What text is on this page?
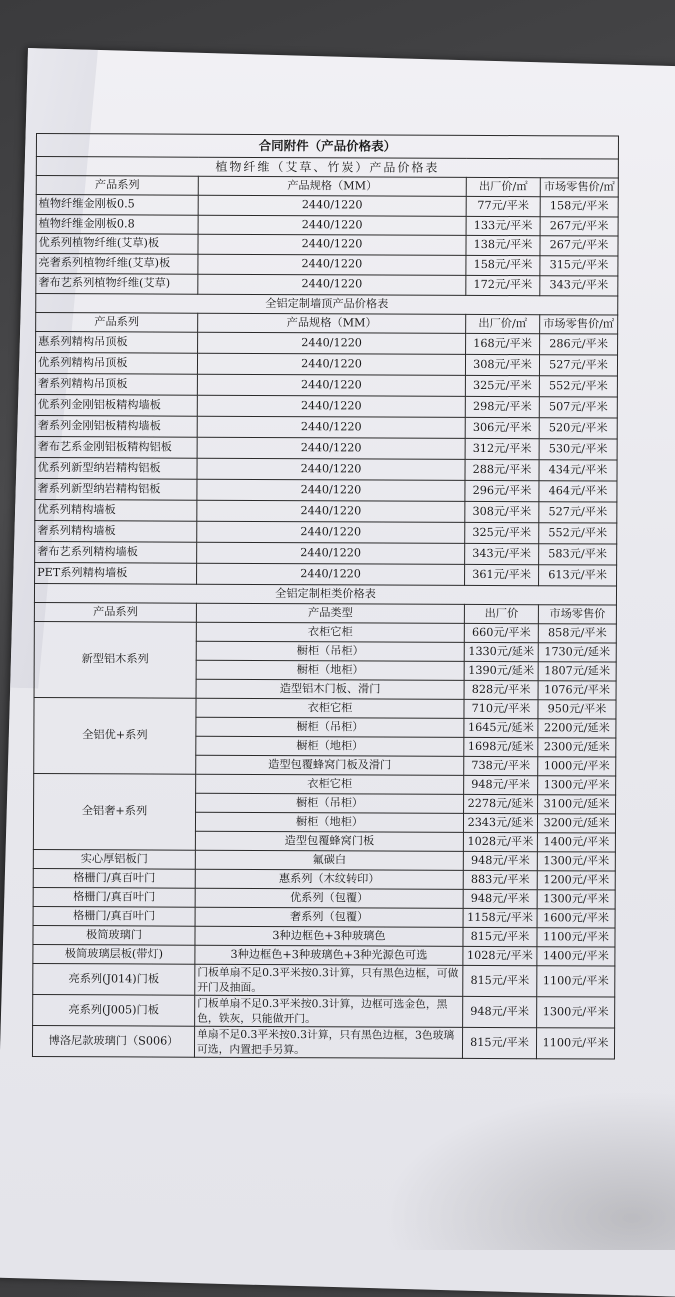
合同附件（产品价格表）			
植物纤维（艾草、竹炭）产品价格表			
产品系列	产品规格（MM）	出厂价/㎡	市场零售价/㎡
植物纤维金刚板0.5	2440/1220	77元/平米	158元/平米
植物纤维金刚板0.8	2440/1220	133元/平米	267元/平米
优系列植物纤维(艾草)板	2440/1220	138元/平米	267元/平米
亮奢系列植物纤维(艾草)板	2440/1220	158元/平米	315元/平米
奢布艺系列植物纤维(艾草)	2440/1220	172元/平米	343元/平米
全铝定制墙顶产品价格表			
产品系列	产品规格（MM）	出厂价/㎡	市场零售价/㎡
惠系列精构吊顶板	2440/1220	168元/平米	286元/平米
优系列精构吊顶板	2440/1220	308元/平米	527元/平米
奢系列精构吊顶板	2440/1220	325元/平米	552元/平米
优系列金刚铝板精构墙板	2440/1220	298元/平米	507元/平米
奢系列金刚铝板精构墙板	2440/1220	306元/平米	520元/平米
奢布艺系金刚铝板精构铝板	2440/1220	312元/平米	530元/平米
优系列新型纳岩精构铝板	2440/1220	288元/平米	434元/平米
奢系列新型纳岩精构铝板	2440/1220	296元/平米	464元/平米
优系列精构墙板	2440/1220	308元/平米	527元/平米
奢系列精构墙板	2440/1220	325元/平米	552元/平米
奢布艺系列精构墙板	2440/1220	343元/平米	583元/平米
PET系列精构墙板	2440/1220	361元/平米	613元/平米
全铝定制柜类价格表			
产品系列	产品类型	出厂价	市场零售价
新型铝木系列	衣柜它柜	660元/平米	858元/平米
	橱柜（吊柜）	1330元/延米	1730元/延米
	橱柜（地柜）	1390元/延米	1807元/延米
	造型铝木门板、滑门	828元/平米	1076元/平米
全铝优+系列	衣柜它柜	710元/平米	950元/平米
	橱柜（吊柜）	1645元/延米	2200元/延米
	橱柜（地柜）	1698元/延米	2300元/延米
	造型包覆蜂窝门板及滑门	738元/平米	1000元/平米
全铝奢+系列	衣柜它柜	948元/平米	1300元/平米
	橱柜（吊柜）	2278元/延米	3100元/延米
	橱柜（地柜）	2343元/延米	3200元/延米
	造型包覆蜂窝门板	1028元/平米	1400元/平米
实心厚铝板门	氟碳白	948元/平米	1300元/平米
格栅门/真百叶门	惠系列（木纹转印）	883元/平米	1200元/平米
格栅门/真百叶门	优系列（包覆）	948元/平米	1300元/平米
格栅门/真百叶门	奢系列（包覆）	1158元/平米	1600元/平米
极简玻璃门	3种边框色+3种玻璃色	815元/平米	1100元/平米
极简玻璃层板(带灯)	3种边框色+3种玻璃色+3种光源色可选	1028元/平米	1400元/平米
亮系列(J014)门板	门板单扇不足0.3平米按0.3计算，只有黑色边框，可做开门及抽面。	815元/平米	1100元/平米
亮系列(J005)门板	门板单扇不足0.3平米按0.3计算，边框可选金色，黑色，铁灰，只能做开门。	948元/平米	1300元/平米
博洛尼款玻璃门（S006）	单扇不足0.3平米按0.3计算，只有黑色边框，3色玻璃可选，内置把手另算。	815元/平米	1100元/平米
